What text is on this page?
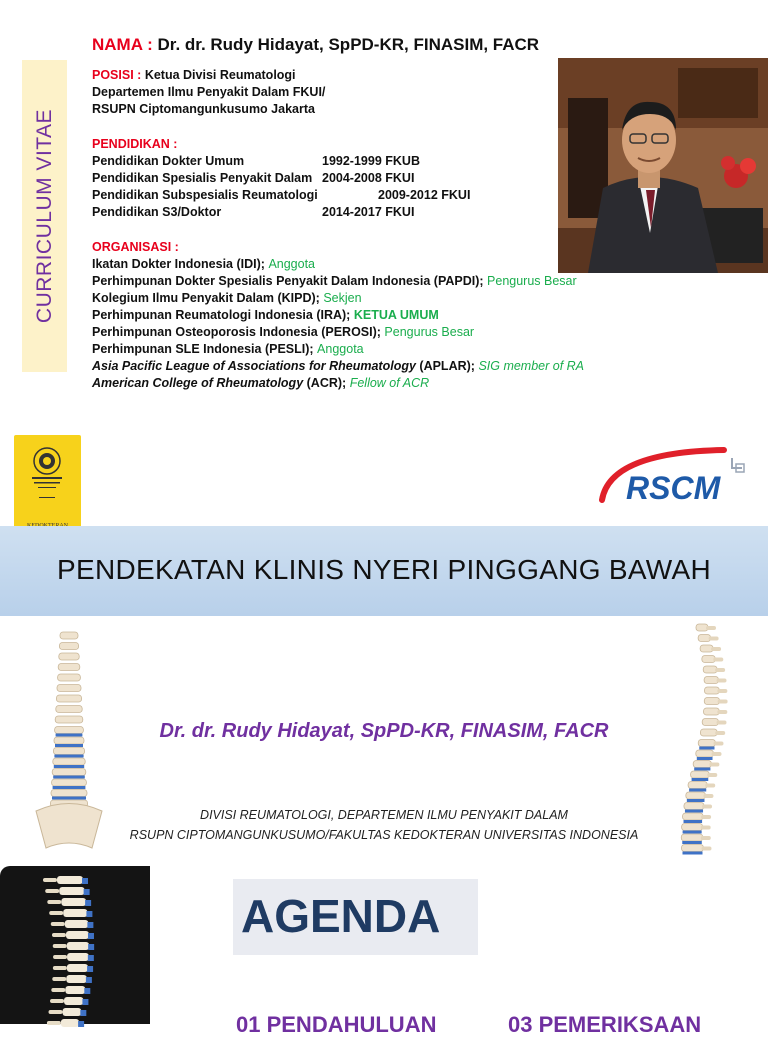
CURRICULUM VITAE
NAMA : Dr. dr. Rudy Hidayat, SpPD-KR, FINASIM, FACR
POSISI : Ketua Divisi Reumatologi
Departemen Ilmu Penyakit Dalam FKUI/
RSUPN Ciptomangunkusumo Jakarta
PENDIDIKAN :
Pendidikan Dokter Umum	1992-1999 FKUB
Pendidikan Spesialis Penyakit Dalam 2004-2008 FKUI
Pendidikan Subspesialis Reumatologi	2009-2012 FKUI
Pendidikan S3/Doktor	2014-2017 FKUI
ORGANISASI :
Ikatan Dokter Indonesia (IDI); Anggota
Perhimpunan Dokter Spesialis Penyakit Dalam Indonesia (PAPDI); Pengurus Besar
Kolegium Ilmu Penyakit Dalam (KIPD); Sekjen
Perhimpunan Reumatologi Indonesia (IRA); KETUA UMUM
Perhimpunan Osteoporosis Indonesia (PEROSI); Pengurus Besar
Perhimpunan SLE Indonesia (PESLI); Anggota
Asia Pacific League of Associations for Rheumatology (APLAR); SIG member of RA
American College of Rheumatology (ACR); Fellow of ACR
RSCM
PENDEKATAN KLINIS NYERI PINGGANG BAWAH
Dr. dr. Rudy Hidayat, SpPD-KR, FINASIM, FACR
DIVISI REUMATOLOGI, DEPARTEMEN ILMU PENYAKIT DALAM
RSUPN CIPTOMANGUNKUSUMO/FAKULTAS KEDOKTERAN UNIVERSITAS INDONESIA
AGENDA
01 PENDAHULUAN	03 PEMERIKSAAN
